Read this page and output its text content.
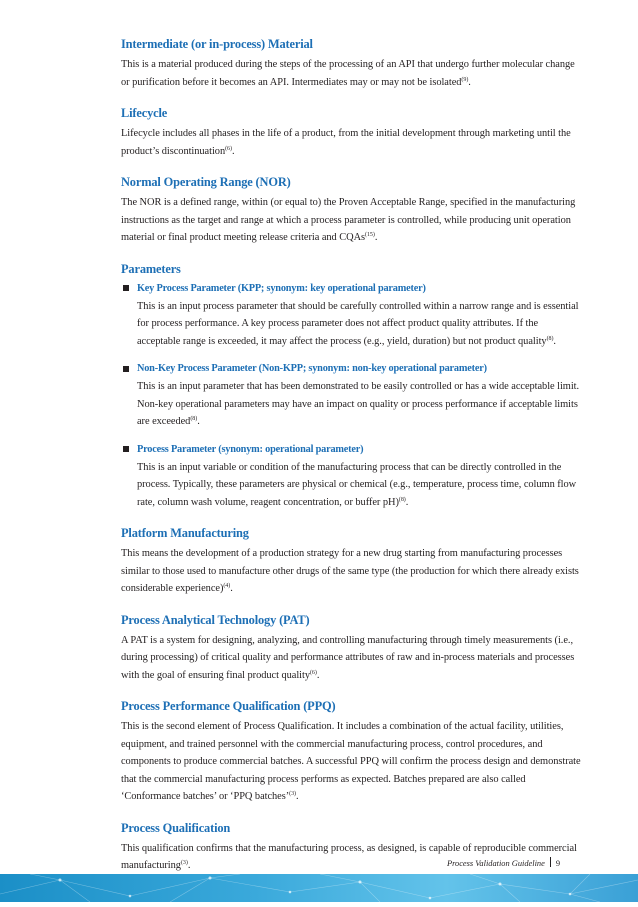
Intermediate (or in-process) Material

This is a material produced during the steps of the processing of an API that undergo further molecular change or purification before it becomes an API. Intermediates may or may not be isolated$^{(9)}$.

Lifecycle

Lifecycle includes all phases in the life of a product, from the initial development through marketing until the product’s discontinuation$^{(6)}$.

Normal Operating Range (NOR)

The NOR is a defined range, within (or equal to) the Proven Acceptable Range, specified in the manufacturing instructions as the target and range at which a process parameter is controlled, while producing unit operation material or final product meeting release criteria and CQAs$^{(15)}$.

Parameters
Key Process Parameter (KPP; synonym: key operational parameter)

This is an input process parameter that should be carefully controlled within a narrow range and is essential for process performance. A key process parameter does not affect product quality attributes. If the acceptable range is exceeded, it may affect the process (e.g., yield, duration) but not product quality$^{(8)}$.

Non-Key Process Parameter (Non-KPP; synonym: non-key operational parameter)

This is an input parameter that has been demonstrated to be easily controlled or has a wide acceptable limit. Non-key operational parameters may have an impact on quality or process performance if acceptable limits are exceeded$^{(8)}$.

Process Parameter (synonym: operational parameter)

This is an input variable or condition of the manufacturing process that can be directly controlled in the process. Typically, these parameters are physical or chemical (e.g., temperature, process time, column flow rate, column wash volume, reagent concentration, or buffer pH)$^{(8)}$.

Platform Manufacturing

This means the development of a production strategy for a new drug starting from manufacturing processes similar to those used to manufacture other drugs of the same type (the production for which there already exists considerable experience)$^{(4)}$.

Process Analytical Technology (PAT)

A PAT is a system for designing, analyzing, and controlling manufacturing through timely measurements (i.e., during processing) of critical quality and performance attributes of raw and in-process materials and processes with the goal of ensuring final product quality$^{(6)}$.

Process Performance Qualification (PPQ)

This is the second element of Process Qualification. It includes a combination of the actual facility, utilities, equipment, and trained personnel with the commercial manufacturing process, control procedures, and components to produce commercial batches. A successful PPQ will confirm the process design and demonstrate that the commercial manufacturing process performs as expected. Batches prepared are also called ‘Conformance batches’ or ‘PPQ batches’$^{(3)}$.

Process Qualification

This qualification confirms that the manufacturing process, as designed, is capable of reproducible commercial manufacturing$^{(3)}$.	Process Validation Guideline 9
